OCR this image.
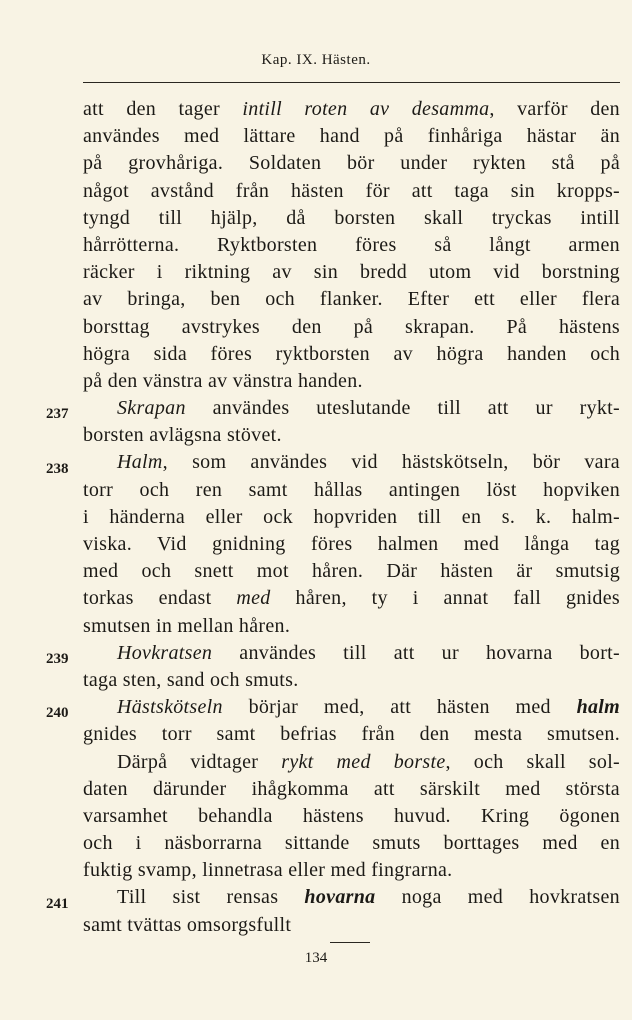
Kap. IX. Hästen.
att den tager intill roten av desamma, varför den
användes med lättare hand på finhåriga hästar än
på grovhåriga. Soldaten bör under rykten stå på
något avstånd från hästen för att taga sin kropps-
tyngd till hjälp, då borsten skall tryckas intill
hårrötterna. Ryktborsten föres så långt armen
räcker i riktning av sin bredd utom vid borstning
av bringa, ben och flanker. Efter ett eller flera
borsttag avstrykes den på skrapan. På hästens
högra sida föres ryktborsten av högra handen och
på den vänstra av vänstra handen.
Skrapan användes uteslutande till att ur rykt-
borsten avlägsna stövet.
Halm, som användes vid hästskötseln, bör vara
torr och ren samt hållas antingen löst hopviken
i händerna eller ock hopvriden till en s. k. halm-
viska. Vid gnidning föres halmen med långa tag
med och snett mot håren. Där hästen är smutsig
torkas endast med håren, ty i annat fall gnides
smutsen in mellan håren.
Hovkratsen användes till att ur hovarna bort-
taga sten, sand och smuts.
Hästskötseln börjar med, att hästen med halm
gnides torr samt befrias från den mesta smutsen.
Därpå vidtager rykt med borste, och skall sol-
daten därunder ihågkomma att särskilt med största
varsamhet behandla hästens huvud. Kring ögonen
och i näsborrarna sittande smuts borttages med en
fuktig svamp, linnetrasa eller med fingrarna.
Till sist rensas hovarna noga med hovkratsen
samt tvättas omsorgsfullt
237
238
239
240
241
134
